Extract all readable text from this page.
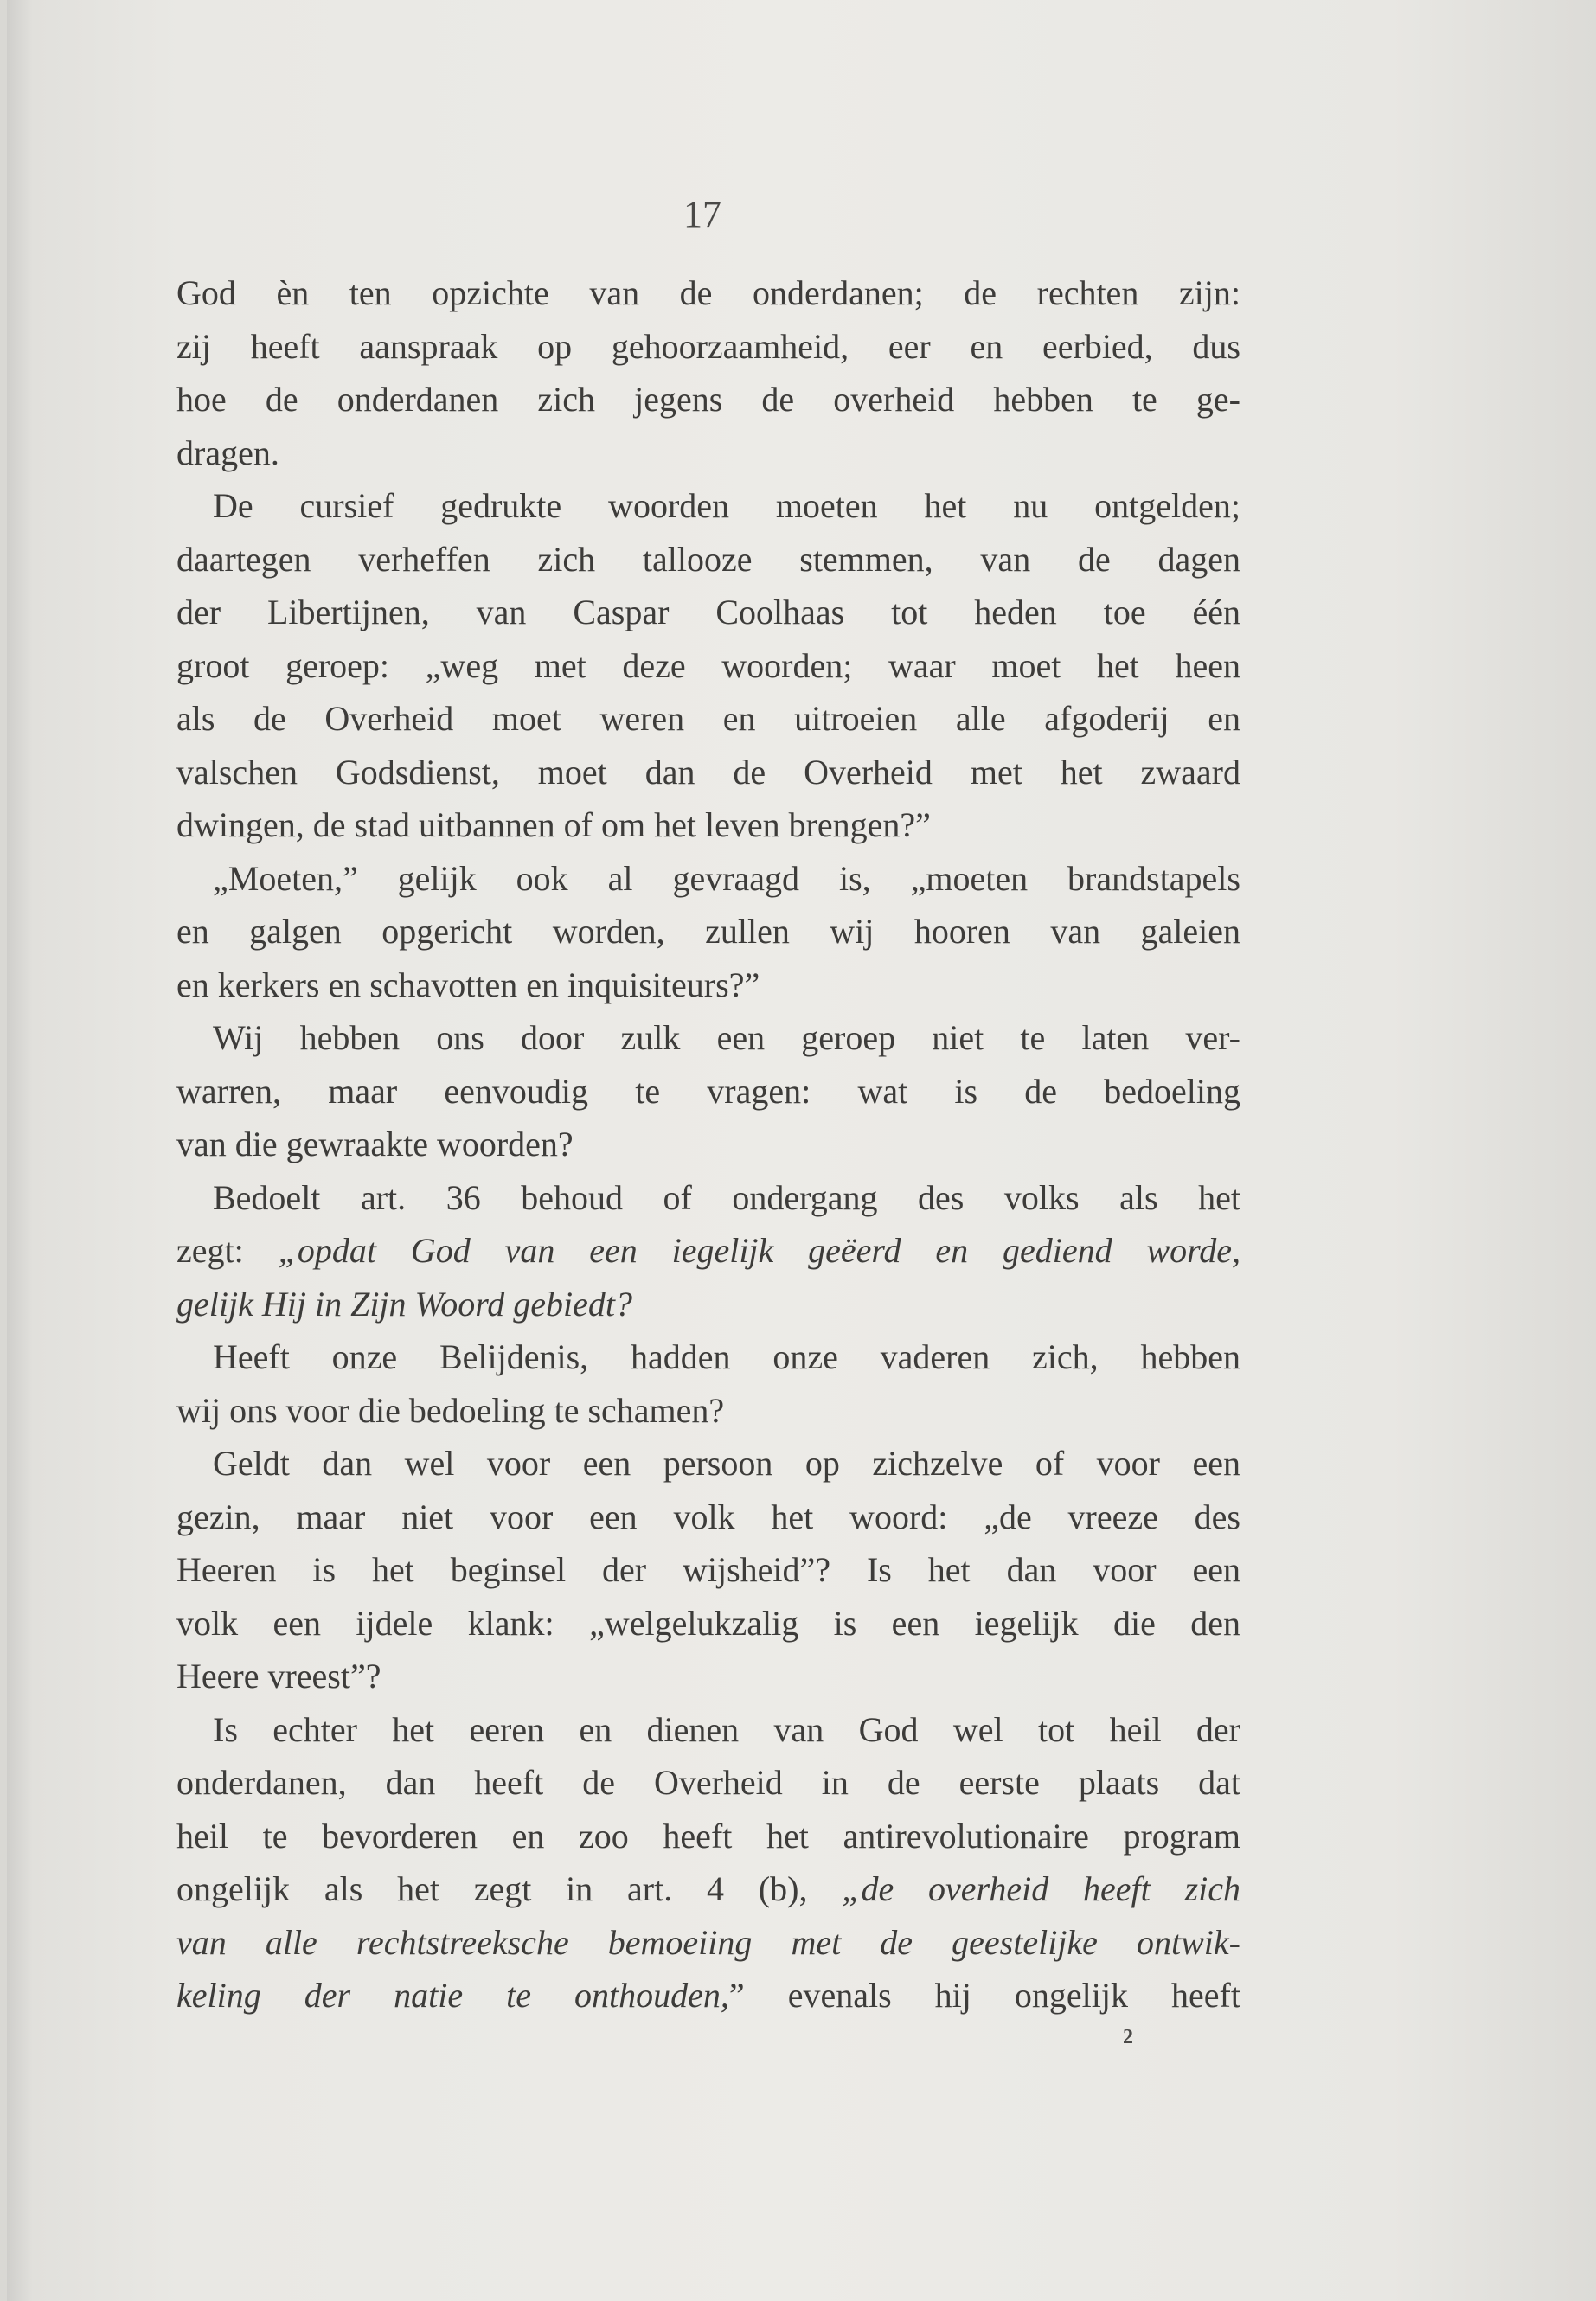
17
God èn ten opzichte van de onderdanen; de rechten zijn:
zij heeft aanspraak op gehoorzaamheid, eer en eerbied, dus
hoe de onderdanen zich jegens de overheid hebben te ge-
dragen.
De cursief gedrukte woorden moeten het nu ontgelden;
daartegen verheffen zich tallooze stemmen, van de dagen
der Libertijnen, van Caspar Coolhaas tot heden toe één
groot geroep: „weg met deze woorden; waar moet het heen
als de Overheid moet weren en uitroeien alle afgoderij en
valschen Godsdienst, moet dan de Overheid met het zwaard
dwingen, de stad uitbannen of om het leven brengen?”
„Moeten,” gelijk ook al gevraagd is, „moeten brandstapels
en galgen opgericht worden, zullen wij hooren van galeien
en kerkers en schavotten en inquisiteurs?”
Wij hebben ons door zulk een geroep niet te laten ver-
warren, maar eenvoudig te vragen: wat is de bedoeling
van die gewraakte woorden?
Bedoelt art. 36 behoud of ondergang des volks als het
zegt: „opdat God van een iegelijk geëerd en gediend worde,
gelijk Hij in Zijn Woord gebiedt?
Heeft onze Belijdenis, hadden onze vaderen zich, hebben
wij ons voor die bedoeling te schamen?
Geldt dan wel voor een persoon op zichzelve of voor een
gezin, maar niet voor een volk het woord: „de vreeze des
Heeren is het beginsel der wijsheid”? Is het dan voor een
volk een ijdele klank: „welgelukzalig is een iegelijk die den
Heere vreest”?
Is echter het eeren en dienen van God wel tot heil der
onderdanen, dan heeft de Overheid in de eerste plaats dat
heil te bevorderen en zoo heeft het antirevolutionaire program
ongelijk als het zegt in art. 4 (b), „de overheid heeft zich
van alle rechtstreeksche bemoeiing met de geestelijke ontwik-
keling der natie te onthouden,” evenals hij ongelijk heeft
2
